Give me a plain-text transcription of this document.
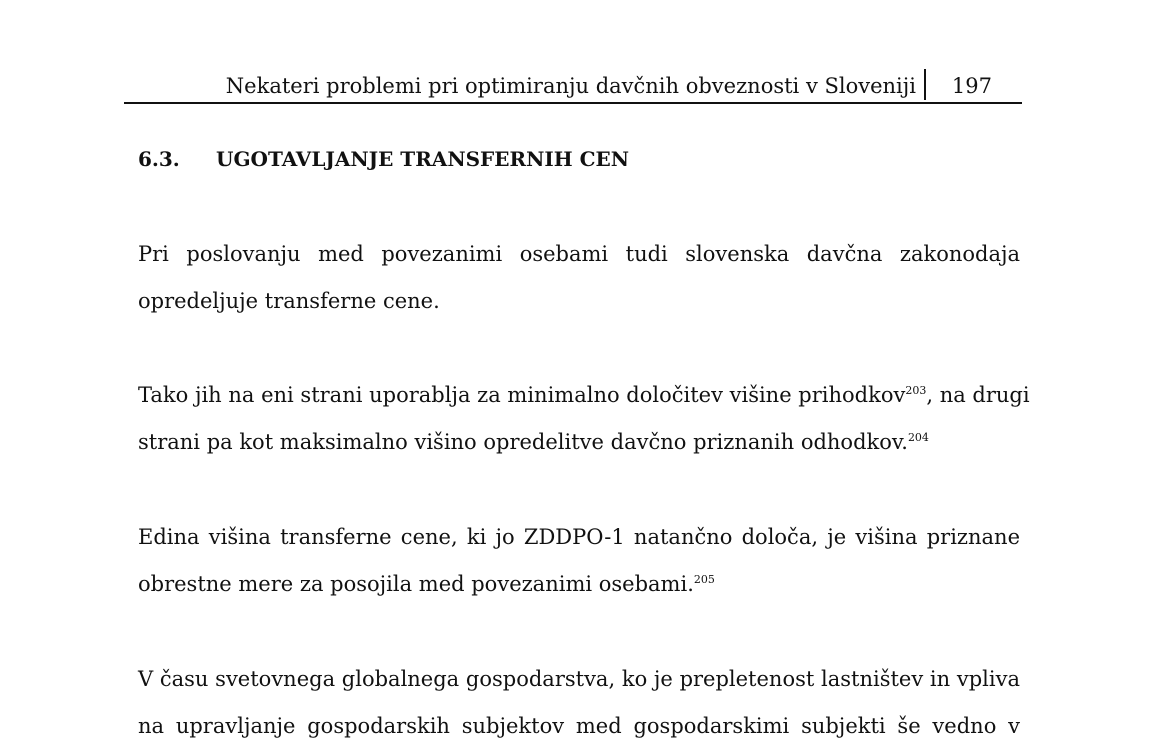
Nekateri problemi pri optimiranju davčnih obveznosti v Sloveniji 197
6.3. UGOTAVLJANJE TRANSFERNIH CEN
Pri poslovanju med povezanimi osebami tudi slovenska davčna zakonodaja
opredeljuje transferne cene.
Tako jih na eni strani uporablja za minimalno določitev višine prihodkov$^{203}$, na drugi
strani pa kot maksimalno višino opredelitve davčno priznanih odhodkov.$^{204}$
Edina višina transferne cene, ki jo ZDDPO-1 natančno določa, je višina priznane
obrestne mere za posojila med povezanimi osebami.$^{205}$
V času svetovnega globalnega gospodarstva, ko je prepletenost lastništev in vpliva
na upravljanje gospodarskih subjektov med gospodarskimi subjekti še vedno v
